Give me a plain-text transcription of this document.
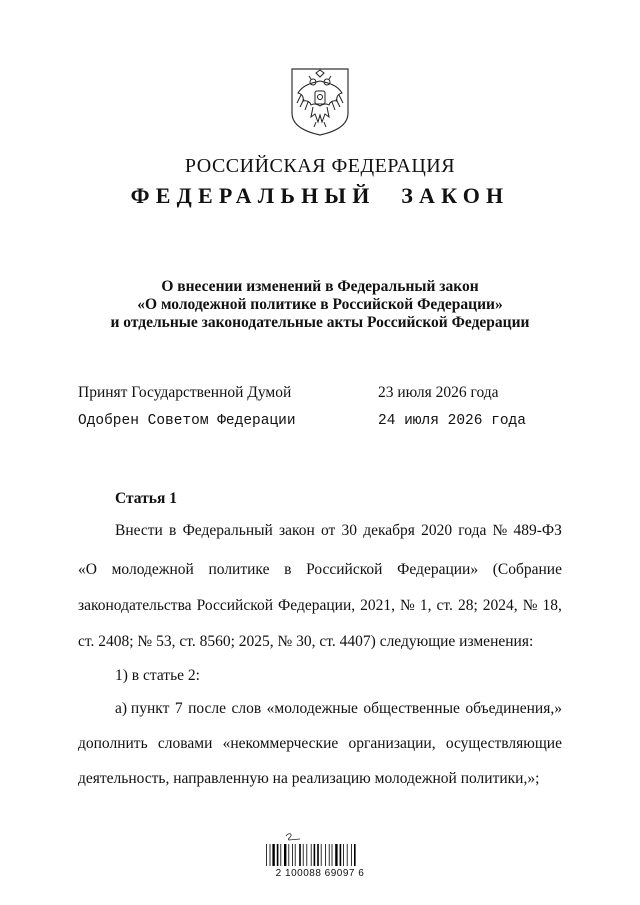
РОССИЙСКАЯ ФЕДЕРАЦИЯ
ФЕДЕРАЛЬНЫЙ ЗАКОН
О внесении изменений в Федеральный закон
«О молодежной политике в Российской Федерации»
и отдельные законодательные акты Российской Федерации
Принят Государственной Думой	23 июля 2026 года
Одобрен Советом Федерации	24 июля 2026 года
Статья 1
Внести в Федеральный закон от 30 декабря 2020 года № 489-ФЗ
«О молодежной политике в Российской Федерации» (Собрание
законодательства Российской Федерации, 2021, № 1, ст. 28; 2024, № 18,
ст. 2408; № 53, ст. 8560; 2025, № 30, ст. 4407) следующие изменения:
1) в статье 2:
а) пункт 7 после слов «молодежные общественные объединения,»
дополнить словами «некоммерческие организации, осуществляющие
деятельность, направленную на реализацию молодежной политики,»;
2 100088 69097 6
